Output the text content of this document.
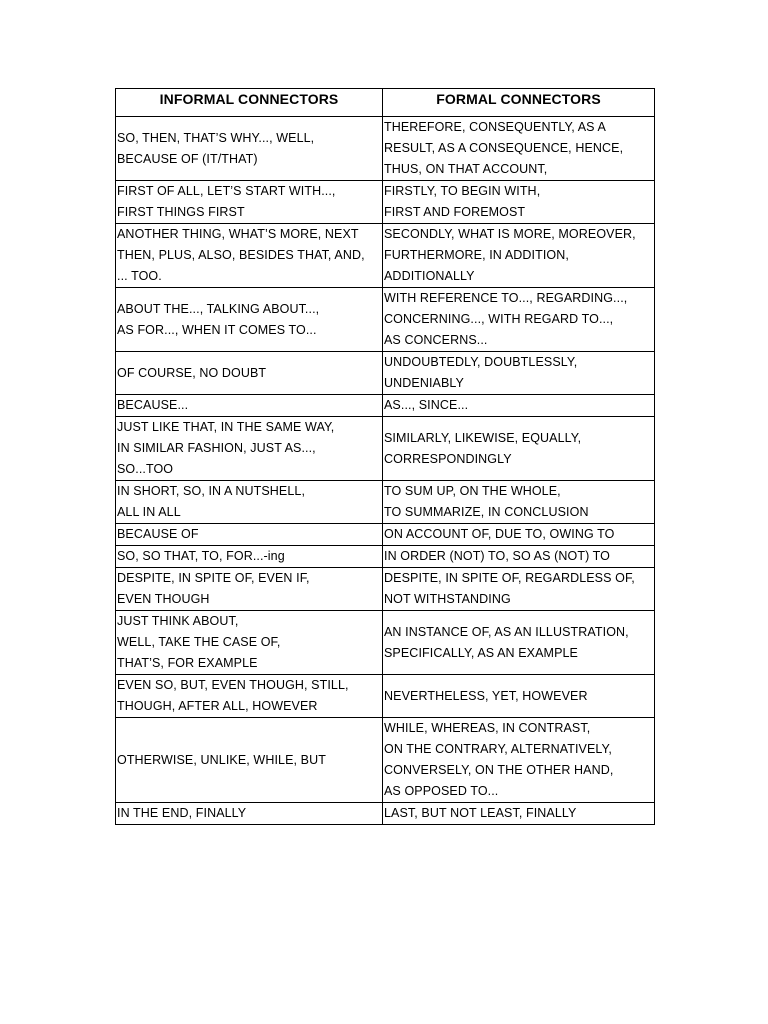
INFORMAL CONNECTORS	FORMAL CONNECTORS

SO, THEN, THAT’S WHY..., WELL,
BECAUSE OF (IT/THAT)	THEREFORE, CONSEQUENTLY, AS A
RESULT, AS A CONSEQUENCE, HENCE,
THUS, ON THAT ACCOUNT,

FIRST OF ALL, LET’S START WITH...,
FIRST THINGS FIRST	FIRSTLY, TO BEGIN WITH,
FIRST AND FOREMOST

ANOTHER THING, WHAT’S MORE, NEXT
THEN, PLUS, ALSO, BESIDES THAT, AND,
... TOO.	SECONDLY, WHAT IS MORE, MOREOVER,
FURTHERMORE, IN ADDITION,
ADDITIONALLY

ABOUT THE..., TALKING ABOUT...,
AS FOR..., WHEN IT COMES TO...	WITH REFERENCE TO..., REGARDING...,
CONCERNING..., WITH REGARD TO...,
AS CONCERNS...

OF COURSE, NO DOUBT	UNDOUBTEDLY, DOUBTLESSLY,
UNDENIABLY

BECAUSE...	AS..., SINCE...

JUST LIKE THAT, IN THE SAME WAY,
IN SIMILAR FASHION, JUST AS...,
SO...TOO	SIMILARLY, LIKEWISE, EQUALLY,
CORRESPONDINGLY

IN SHORT, SO, IN A NUTSHELL,
ALL IN ALL	TO SUM UP, ON THE WHOLE,
TO SUMMARIZE, IN CONCLUSION

BECAUSE OF	ON ACCOUNT OF, DUE TO, OWING TO

SO, SO THAT, TO, FOR...-ing	IN ORDER (NOT) TO, SO AS (NOT) TO

DESPITE, IN SPITE OF, EVEN IF,
EVEN THOUGH	DESPITE, IN SPITE OF, REGARDLESS OF,
NOT WITHSTANDING

JUST THINK ABOUT,
WELL, TAKE THE CASE OF,
THAT’S, FOR EXAMPLE	AN INSTANCE OF, AS AN ILLUSTRATION,
SPECIFICALLY, AS AN EXAMPLE

EVEN SO, BUT, EVEN THOUGH, STILL,
THOUGH, AFTER ALL, HOWEVER	NEVERTHELESS, YET, HOWEVER

OTHERWISE, UNLIKE, WHILE, BUT	WHILE, WHEREAS, IN CONTRAST,
ON THE CONTRARY, ALTERNATIVELY,
CONVERSELY, ON THE OTHER HAND,
AS OPPOSED TO...

IN THE END, FINALLY	LAST, BUT NOT LEAST, FINALLY
